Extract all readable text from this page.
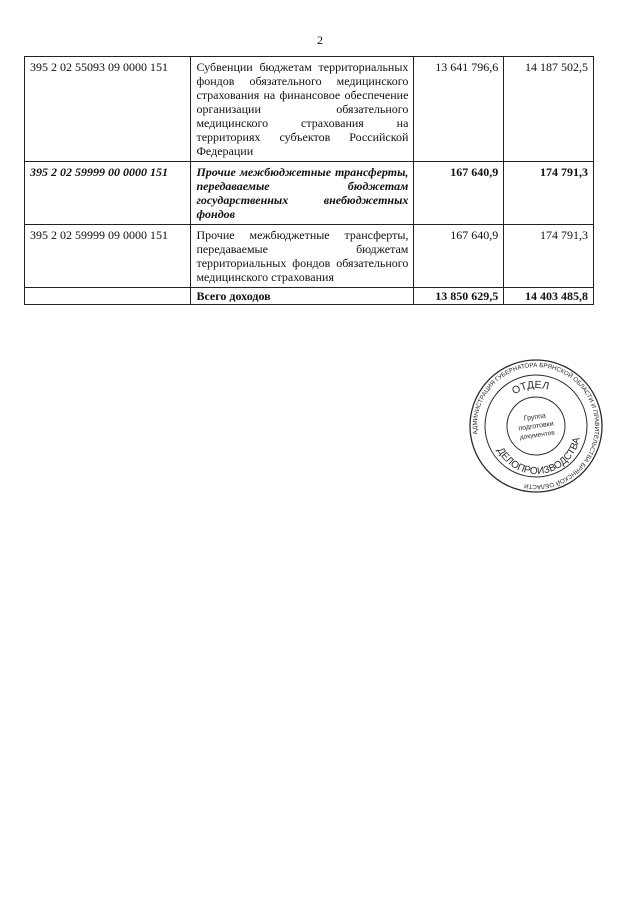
2
395 2 02 55093 09 0000 151	Субвенции бюджетам территориальных фондов обязательного медицинского страхования на финансовое обеспечение организации обязательного медицинского страхования на территориях субъектов Российской Федерации	13 641 796,6	14 187 502,5
395 2 02 59999 00 0000 151	Прочие межбюджетные трансферты, передаваемые бюджетам государственных внебюджетных фондов	167 640,9	174 791,3
395 2 02 59999 09 0000 151	Прочие межбюджетные трансферты, передаваемые бюджетам территориальных фондов обязательного медицинского страхования	167 640,9	174 791,3
	Всего доходов	13 850 629,5	14 403 485,8
АДМИНИСТРАЦИЯ ГУБЕРНАТОРА БРЯНСКОЙ ОБЛАСТИ И ПРАВИТЕЛЬСТВА БРЯНСКОЙ ОБЛАСТИ
ОТДЕЛ
ДЕЛОПРОИЗВОДСТВА
Группа
подготовки
документов
